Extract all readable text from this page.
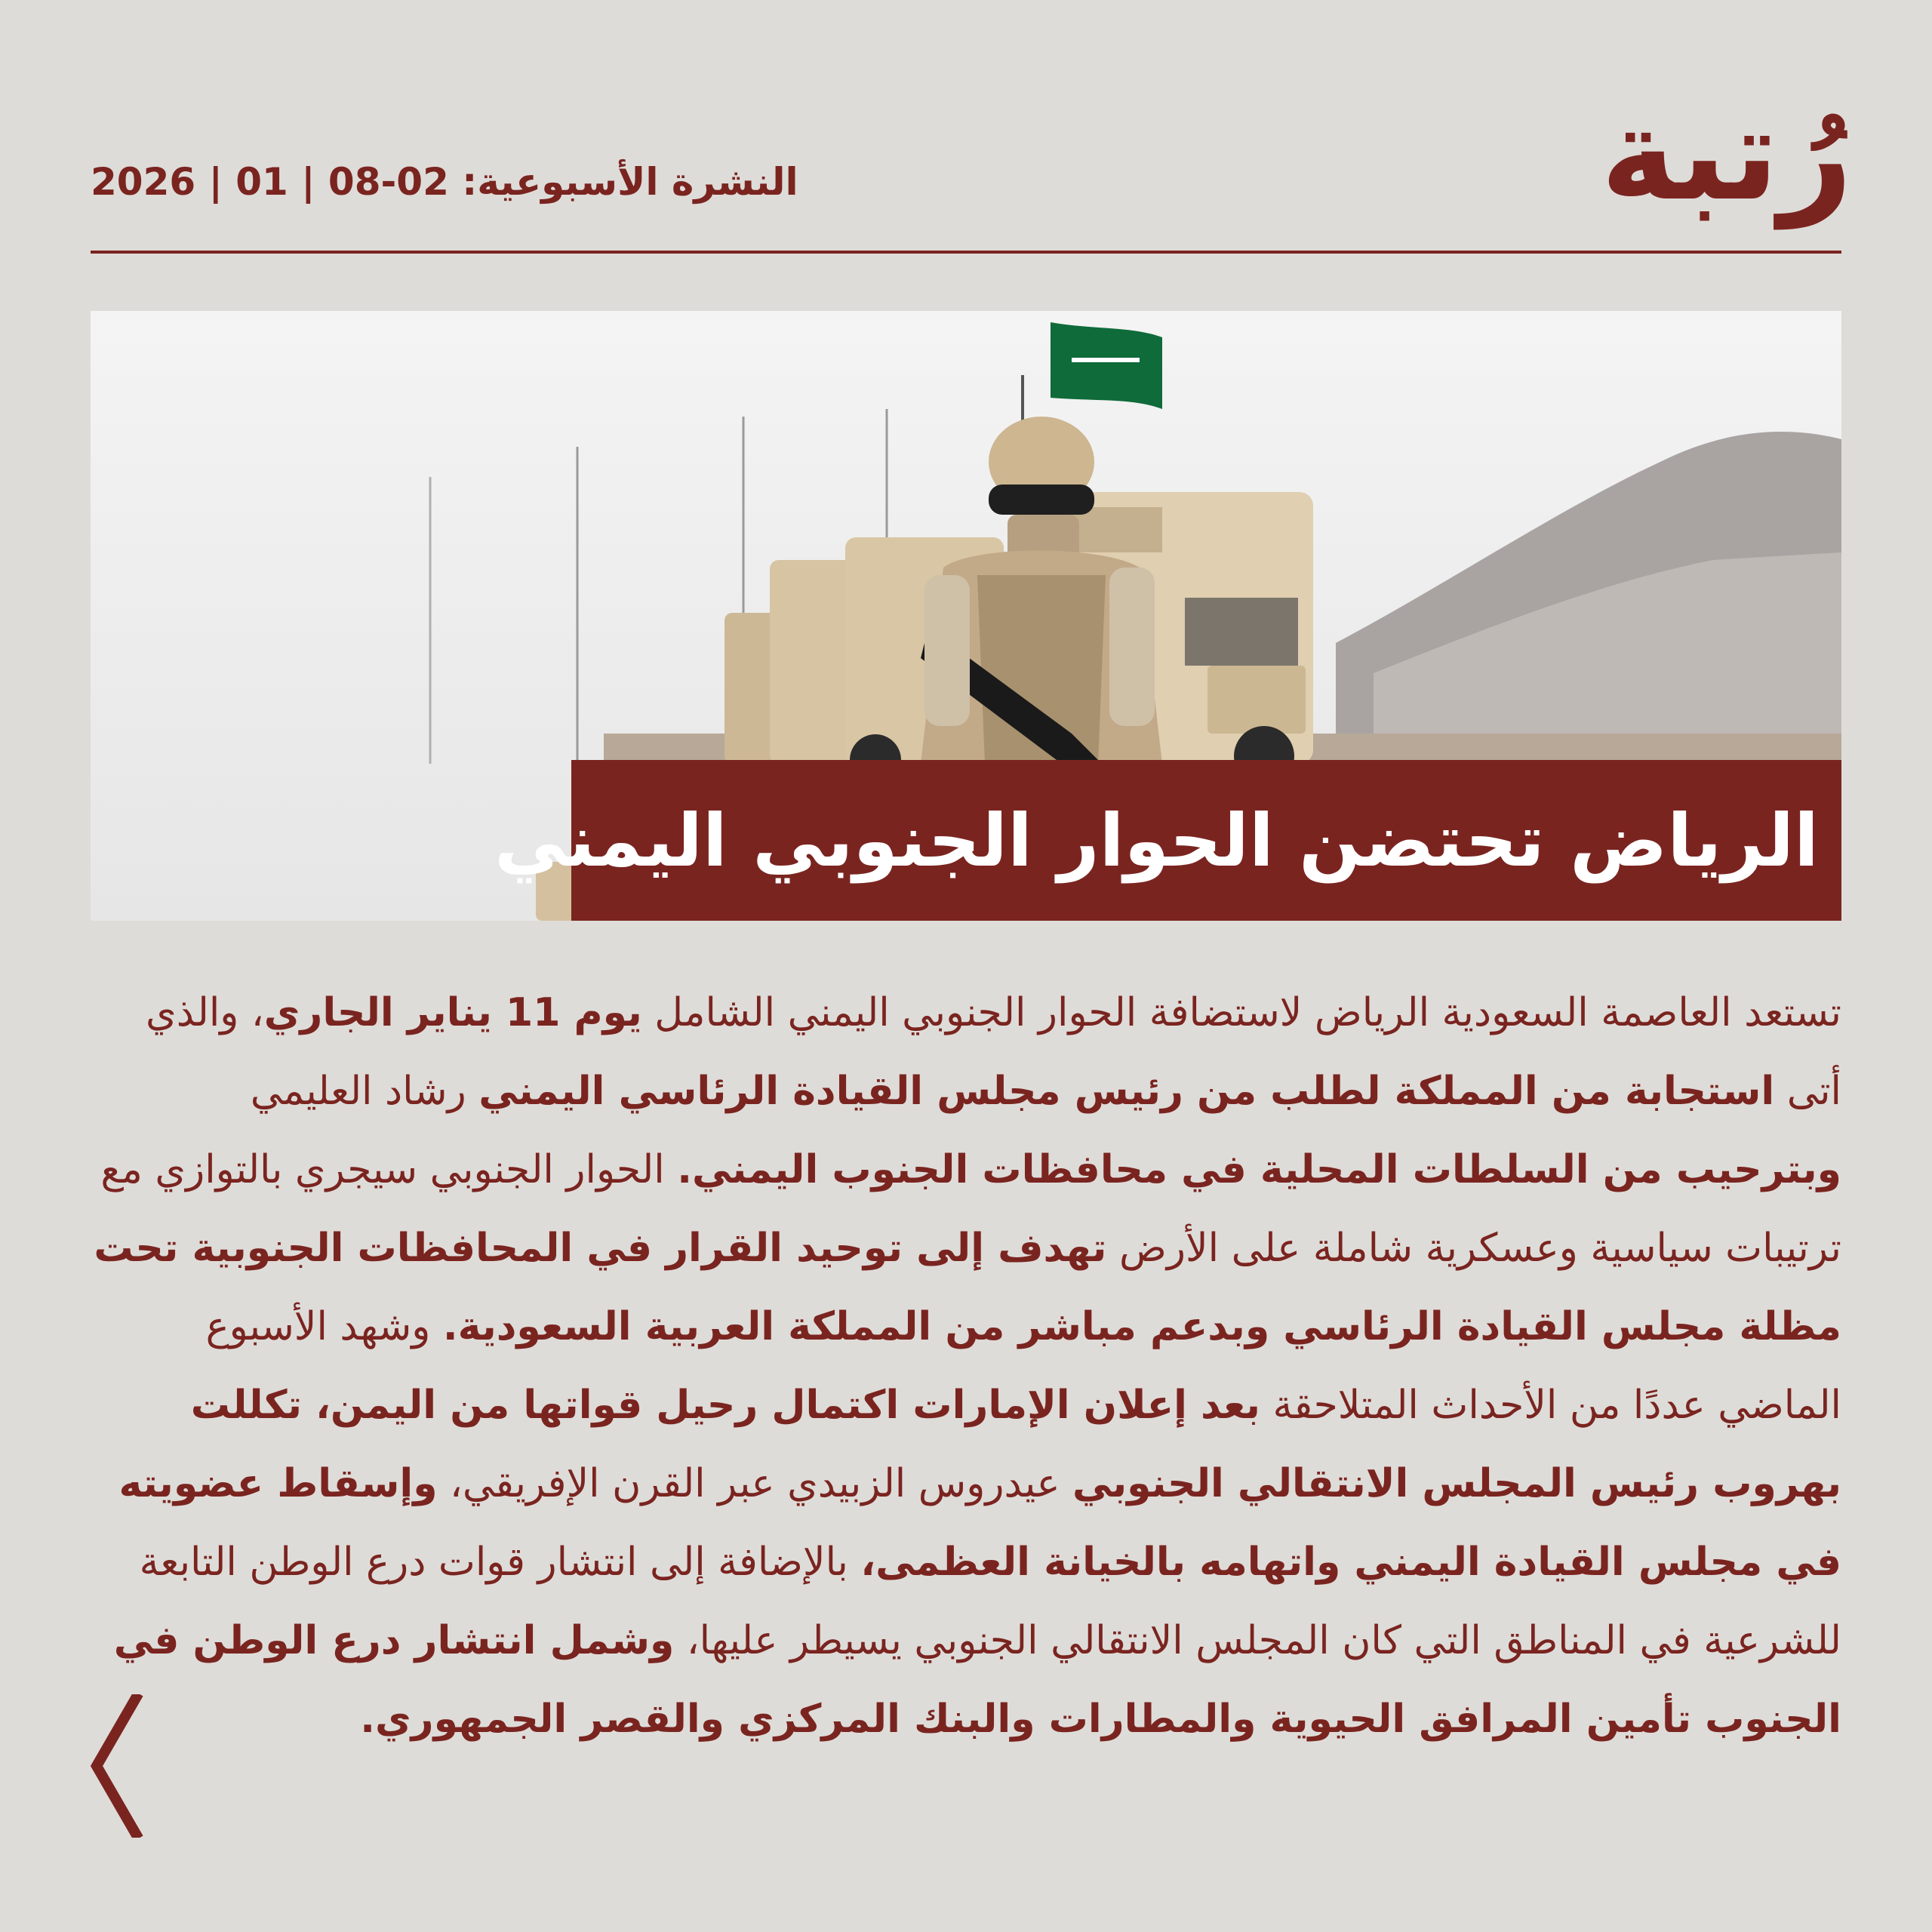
رُتبة
النشرة الأسبوعية: 02-08 | 01 | 2026
الرياض تحتضن الحوار الجنوبي اليمني
تستعد العاصمة السعودية الرياض لاستضافة الحوار الجنوبي اليمني الشامل يوم 11 يناير الجاري، والذي أتى استجابة من المملكة لطلب من رئيس مجلس القيادة الرئاسي اليمني رشاد العليمي وبترحيب من السلطات المحلية في محافظات الجنوب اليمني. الحوار الجنوبي سيجري بالتوازي مع ترتيبات سياسية وعسكرية شاملة على الأرض تهدف إلى توحيد القرار في المحافظات الجنوبية تحت مظلة مجلس القيادة الرئاسي وبدعم مباشر من المملكة العربية السعودية. وشهد الأسبوع الماضي عددًا من الأحداث المتلاحقة بعد إعلان الإمارات اكتمال رحيل قواتها من اليمن، تكللت بهروب رئيس المجلس الانتقالي الجنوبي عيدروس الزبيدي عبر القرن الإفريقي، وإسقاط عضويته في مجلس القيادة اليمني واتهامه بالخيانة العظمى، بالإضافة إلى انتشار قوات درع الوطن التابعة للشرعية في المناطق التي كان المجلس الانتقالي الجنوبي يسيطر عليها، وشمل انتشار درع الوطن في الجنوب تأمين المرافق الحيوية والمطارات والبنك المركزي والقصر الجمهوري.
